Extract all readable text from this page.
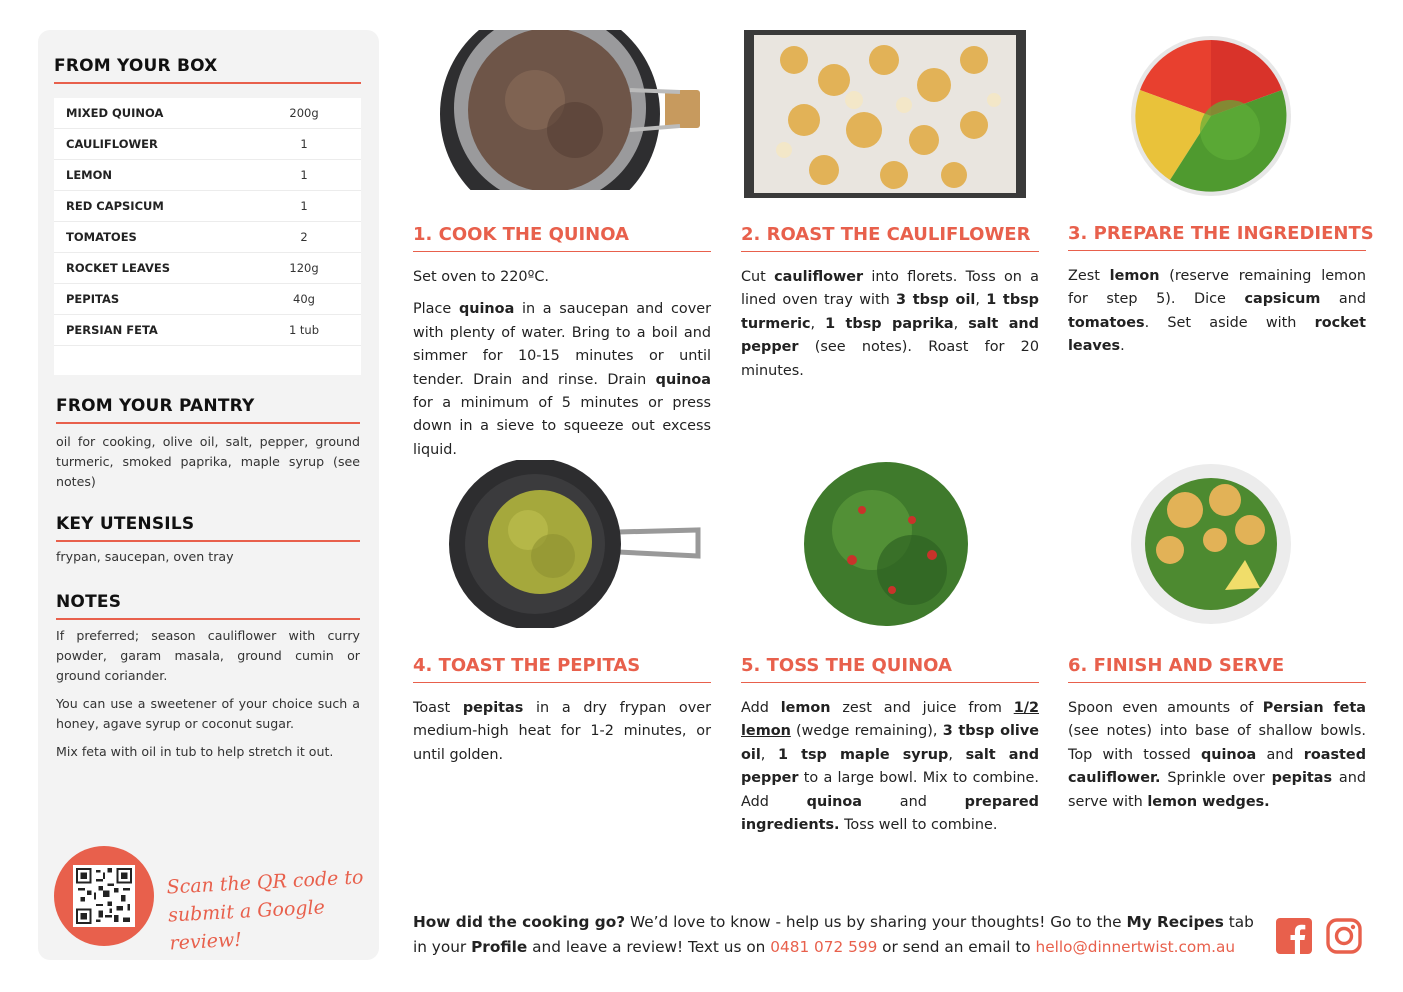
FROM YOUR BOX
MIXED QUINOA	200g
CAULIFLOWER	1
LEMON	1
RED CAPSICUM	1
TOMATOES	2
ROCKET LEAVES	120g
PEPITAS	40g
PERSIAN FETA	1 tub
FROM YOUR PANTRY
oil for cooking, olive oil, salt, pepper, ground turmeric, smoked paprika, maple syrup (see notes)
KEY UTENSILS
frypan, saucepan, oven tray
NOTES

If preferred; season cauliflower with curry powder, garam masala, ground cumin or ground coriander.

You can use a sweetener of your choice such a honey, agave syrup or coconut sugar.

Mix feta with oil in tub to help stretch it out.

Scan the QR code to
submit a Google review!
1. COOK THE QUINOA

Set oven to 220ºC.

Place quinoa in a saucepan and cover with plenty of water. Bring to a boil and simmer for 10-15 minutes or until tender. Drain and rinse. Drain quinoa for a minimum of 5 minutes or press down in a sieve to squeeze out excess liquid.

2. ROAST THE CAULIFLOWER

Cut cauliflower into florets. Toss on a lined oven tray with 3 tbsp oil, 1 tbsp turmeric, 1 tbsp paprika, salt and pepper (see notes). Roast for 20 minutes.

3. PREPARE THE INGREDIENTS

Zest lemon (reserve remaining lemon for step 5). Dice capsicum and tomatoes. Set aside with rocket leaves.

4. TOAST THE PEPITAS

Toast pepitas in a dry frypan over medium-high heat for 1-2 minutes, or until golden.

5. TOSS THE QUINOA

Add lemon zest and juice from 1/2 lemon (wedge remaining), 3 tbsp olive oil, 1 tsp maple syrup, salt and pepper to a large bowl. Mix to combine. Add quinoa and prepared ingredients. Toss well to combine.

6. FINISH AND SERVE

Spoon even amounts of Persian feta (see notes) into base of shallow bowls. Top with tossed quinoa and roasted cauliflower. Sprinkle over pepitas and serve with lemon wedges.

How did the cooking go? We’d love to know - help us by sharing your thoughts! Go to the My Recipes tab in your Profile and leave a review! Text us on 0481 072 599 or send an email to hello@dinnertwist.com.au
